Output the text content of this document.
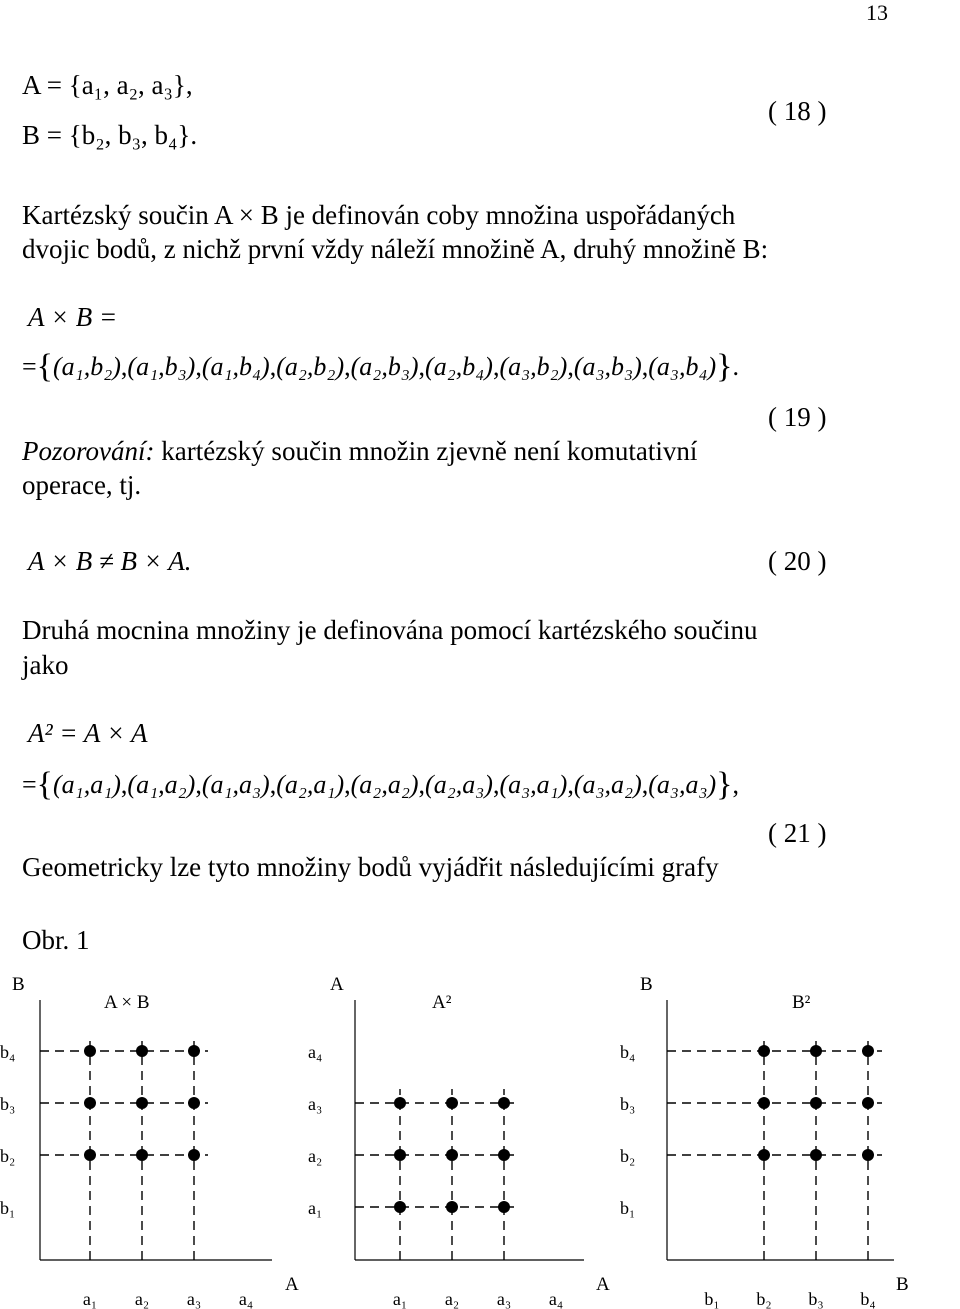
13
A = {a₁, a₂, a₃},
B = {b₂, b₃, b₄}.
( 18 )
Kartézský součin A × B je definován coby množina uspořádaných
dvojic bodů, z nichž první vždy náleží množině A, druhý množině B:
A × B =
={(a₁,b₂),(a₁,b₃),(a₁,b₄),(a₂,b₂),(a₂,b₃),(a₂,b₄),(a₃,b₂),(a₃,b₃),(a₃,b₄)}.
( 19 )
Pozorování: kartézský součin množin zjevně není komutativní
operace, tj.
A × B ≠ B × A.	( 20 )
Druhá mocnina množiny je definována pomocí kartézského součinu
jako
A² = A × A
={(a₁,a₁),(a₁,a₂),(a₁,a₃),(a₂,a₁),(a₂,a₂),(a₂,a₃),(a₃,a₁),(a₃,a₂),(a₃,a₃)},
( 21 )
Geometricky lze tyto množiny bodů vyjádřit následujícími grafy
Obr. 1
B
A
A × B
b₄
b₃
b₂
b₁
a₁ a₂ a₃ a₄
A
A
A²
a₄
a₃
a₂
a₁
a₁ a₂ a₃ a₄
B
B
B²
b₄
b₃
b₂
b₁
b₁ b₂ b₃ b₄
